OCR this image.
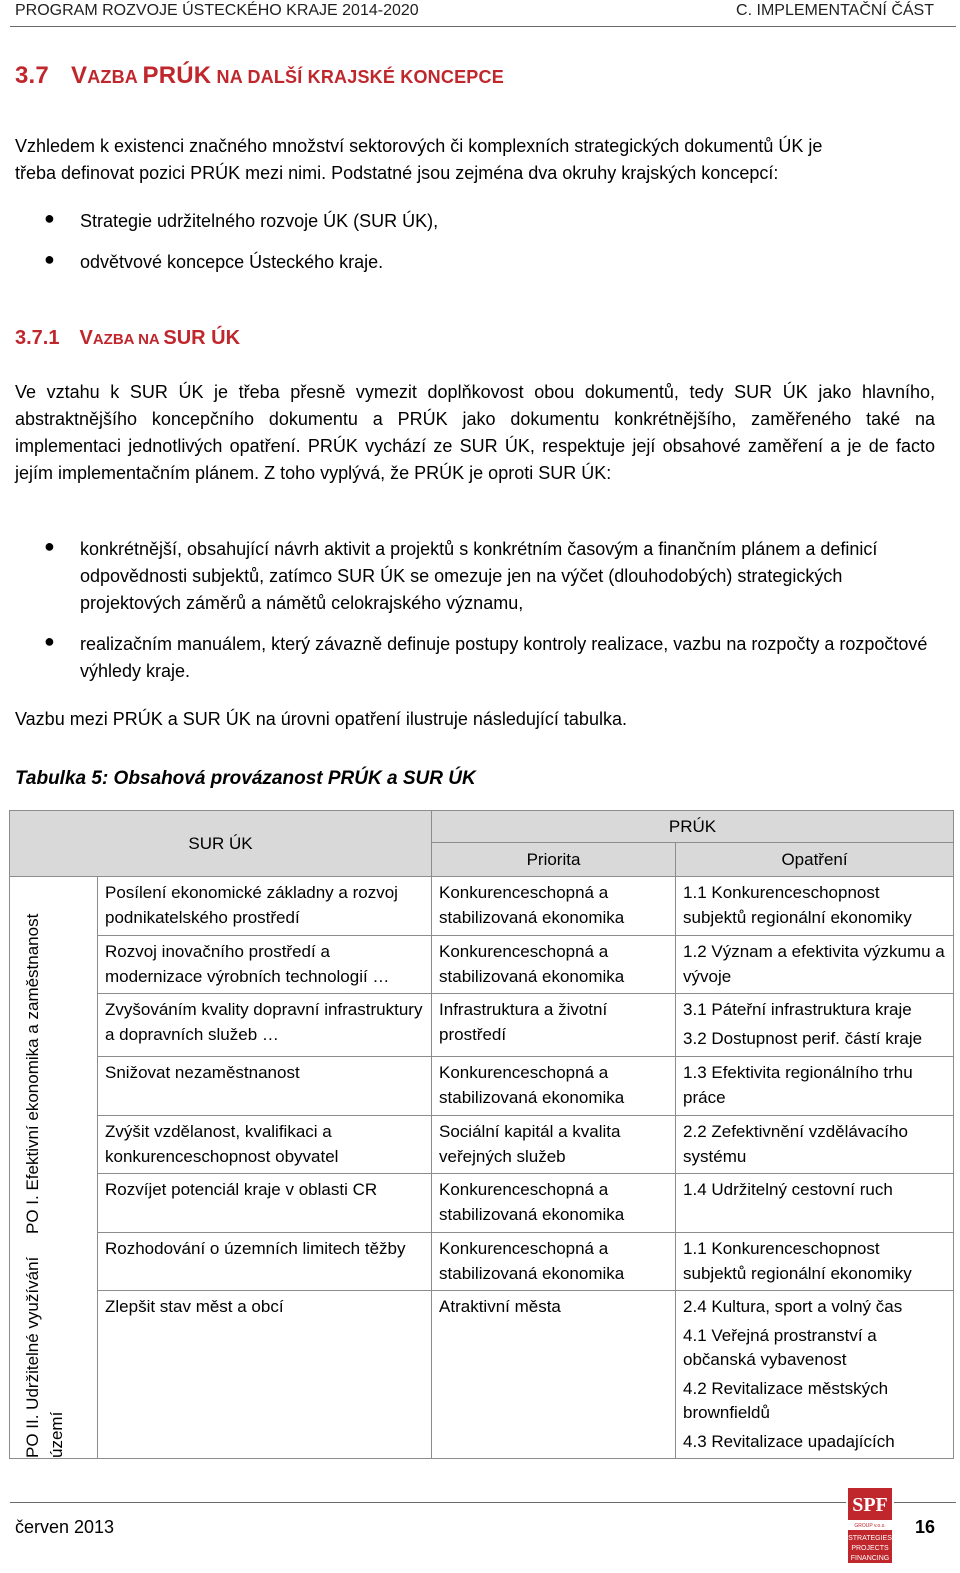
PROGRAM ROZVOJE ÚSTECKÉHO KRAJE 2014-2020	C. IMPLEMENTAČNÍ ČÁST
3.7 VAZBA PRÚK NA DALŠÍ KRAJSKÉ KONCEPCE
Vzhledem k existenci značného množství sektorových či komplexních strategických dokumentů ÚK je
třeba definovat pozici PRÚK mezi nimi. Podstatné jsou zejména dva okruhy krajských koncepcí:
● Strategie udržitelného rozvoje ÚK (SUR ÚK),
● odvětvové koncepce Ústeckého kraje.
3.7.1 VAZBA NA SUR ÚK
Ve vztahu k SUR ÚK je třeba přesně vymezit doplňkovost obou dokumentů, tedy SUR ÚK jako hlavního, abstraktnějšího koncepčního dokumentu a PRÚK jako dokumentu konkrétnějšího, zaměřeného také na implementaci jednotlivých opatření. PRÚK vychází ze SUR ÚK, respektuje její obsahové zaměření a je de facto jejím implementačním plánem. Z toho vyplývá, že PRÚK je oproti SUR ÚK:
● konkrétnější, obsahující návrh aktivit a projektů s konkrétním časovým a finančním plánem a definicí odpovědnosti subjektů, zatímco SUR ÚK se omezuje jen na výčet (dlouhodobých) strategických projektových záměrů a námětů celokrajského významu,
● realizačním manuálem, který závazně definuje postupy kontroly realizace, vazbu na rozpočty a rozpočtové výhledy kraje.
Vazbu mezi PRÚK a SUR ÚK na úrovni opatření ilustruje následující tabulka.
Tabulka 5: Obsahová provázanost PRÚK a SUR ÚK
SUR ÚK		PRÚK	
		Priorita	Opatření

	Posílení ekonomické základny a rozvoj podnikatelského prostředí	Konkurenceschopná a stabilizovaná ekonomika	1.1 Konkurenceschopnost subjektů regionální ekonomiky

	Rozvoj inovačního prostředí a modernizace výrobních technologií …	Konkurenceschopná a stabilizovaná ekonomika	1.2 Význam a efektivita výzkumu a vývoje

	Zvyšováním kvality dopravní infrastruktury a dopravních služeb …	Infrastruktura a životní prostředí	3.1 Páteřní infrastruktura kraje
3.2 Dostupnost perif. částí kraje

	Snižovat nezaměstnanost	Konkurenceschopná a stabilizovaná ekonomika	1.3 Efektivita regionálního trhu práce

	Zvýšit vzdělanost, kvalifikaci a konkurenceschopnost obyvatel	Sociální kapitál a kvalita veřejných služeb	2.2 Zefektivnění vzdělávacího systému

	Rozvíjet potenciál kraje v oblasti CR	Konkurenceschopná a stabilizovaná ekonomika	1.4 Udržitelný cestovní ruch

	Rozhodování o územních limitech těžby	Konkurenceschopná a stabilizovaná ekonomika	1.1 Konkurenceschopnost subjektů regionální ekonomiky

	Zlepšit stav měst a obcí	Atraktivní města	2.4 Kultura, sport a volný čas
4.1 Veřejná prostranství a občanská vybavenost
4.2 Revitalizace městských brownfieldů
4.3 Revitalizace upadajících
PO I. Efektivní ekonomika a zaměstnanost
PO II. Udržitelné využívání území
červen 2013
SPF
GROUP v.o.s.
STRATEGIES
PROJECTS
FINANCING
16
